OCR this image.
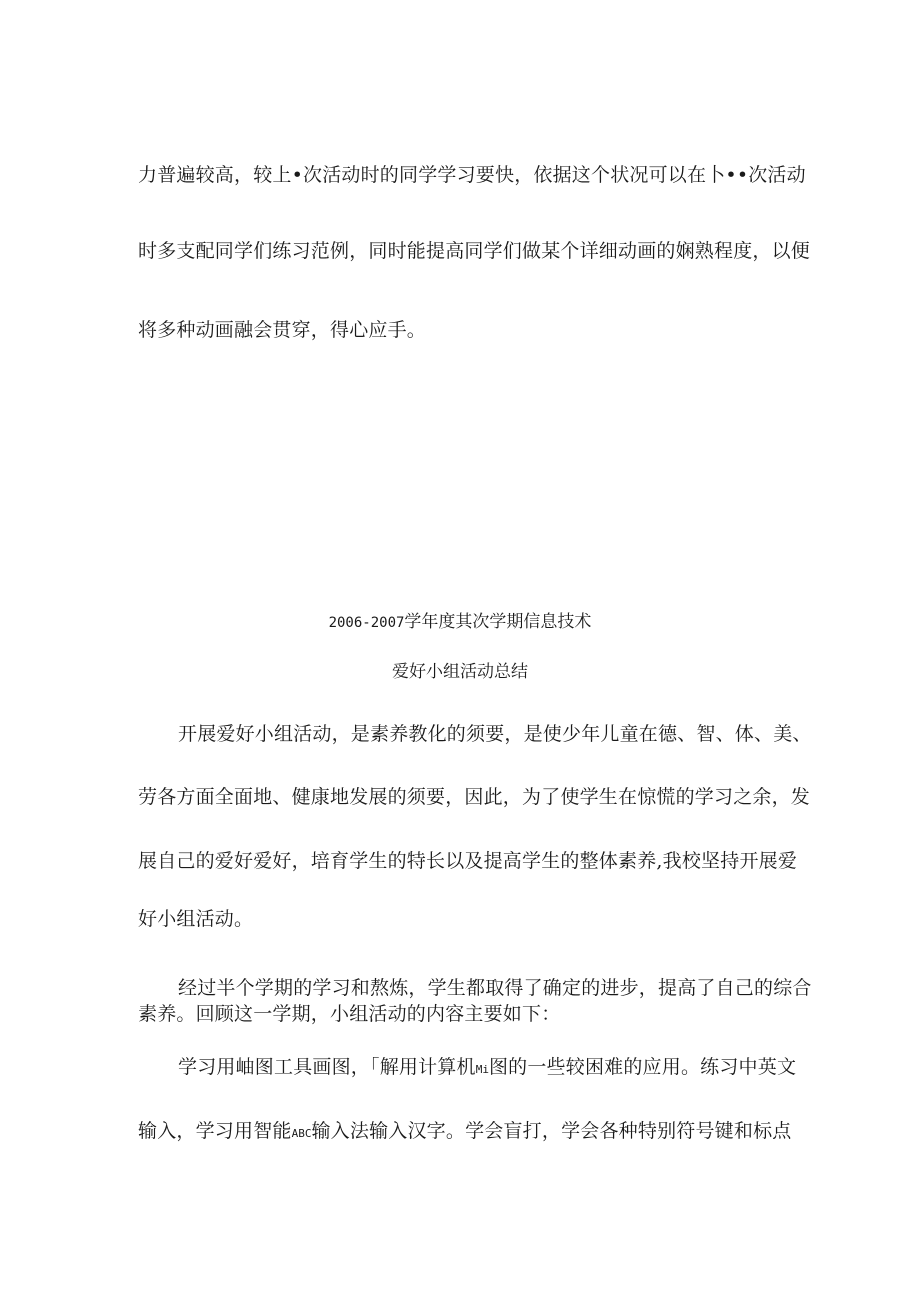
力普遍较高，较上•次活动时的同学学习要快，依据这个状况可以在卜••次活动
时多支配同学们练习范例，同时能提高同学们做某个详细动画的娴熟程度，以便
将多种动画融会贯穿，得心应手。
2006-2007学年度其次学期信息技术
爱好小组活动总结
开展爱好小组活动，是素养教化的须要，是使少年儿童在德、智、体、美、
劳各方面全面地、健康地发展的须要，因此，为了使学生在惊慌的学习之余，发
展自己的爱好爱好，培育学生的特长以及提高学生的整体素养,我校坚持开展爱
好小组活动。
经过半个学期的学习和熬炼，学生都取得了确定的进步，提高了自己的综合
素养。回顾这一学期，小组活动的内容主要如下：
学习用岫图工具画图，「解用计算机Mi图的一些较困难的应用。练习中英文
输入，学习用智能ABC输入法输入汉字。学会盲打，学会各种特别符号键和标点
